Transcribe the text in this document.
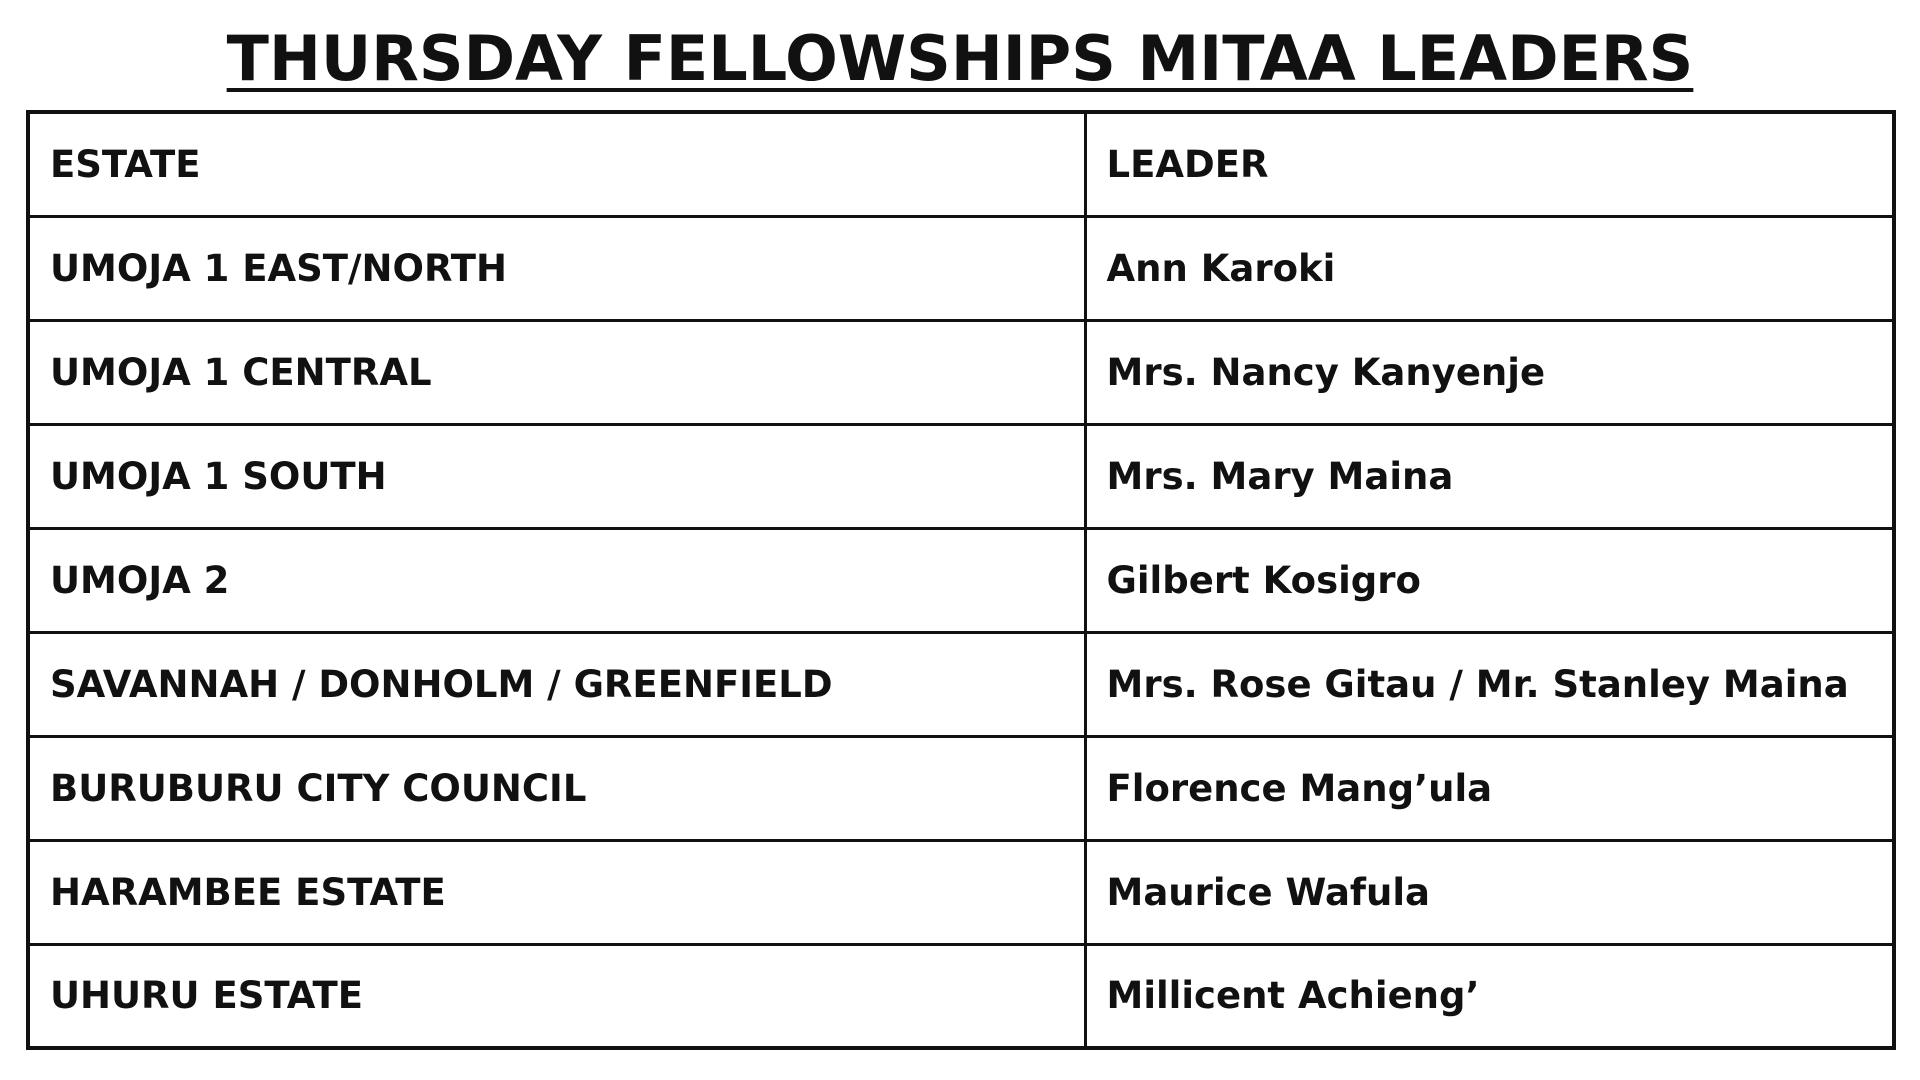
THURSDAY FELLOWSHIPS MITAA LEADERS
ESTATE	LEADER
UMOJA 1 EAST/NORTH	Ann Karoki
UMOJA 1 CENTRAL	Mrs. Nancy Kanyenje
UMOJA 1 SOUTH	Mrs. Mary Maina
UMOJA 2	Gilbert Kosigro
SAVANNAH / DONHOLM / GREENFIELD	Mrs. Rose Gitau / Mr. Stanley Maina
BURUBURU CITY COUNCIL	Florence Mang’ula
HARAMBEE ESTATE	Maurice Wafula
UHURU ESTATE	Millicent Achieng’
